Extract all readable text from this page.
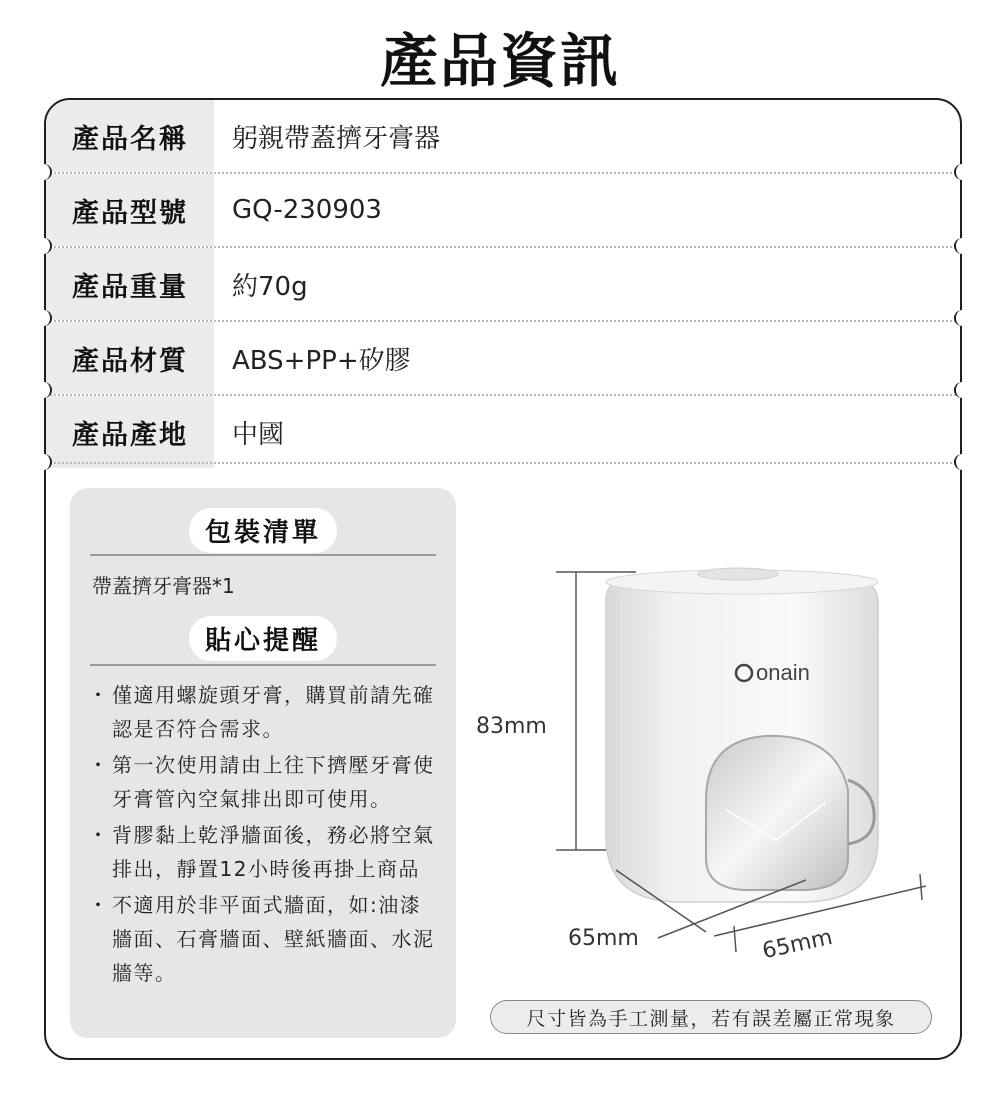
產品資訊
產品名稱	躬親帶蓋擠牙膏器
產品型號	GQ-230903
產品重量	約70g
產品材質	ABS+PP+矽膠
產品產地	中國
包裝清單
帶蓋擠牙膏器*1
貼心提醒
・ 僅適用螺旋頭牙膏，購買前請先確認是否符合需求。
・ 第一次使用請由上往下擠壓牙膏使牙膏管內空氣排出即可使用。
・ 背膠黏上乾淨牆面後，務必將空氣排出，靜置12小時後再掛上商品
・ 不適用於非平面式牆面，如:油漆牆面、石膏牆面、壁紙牆面、水泥牆等。
onain
83mm
65mm	65mm
尺寸皆為手工測量，若有誤差屬正常現象
